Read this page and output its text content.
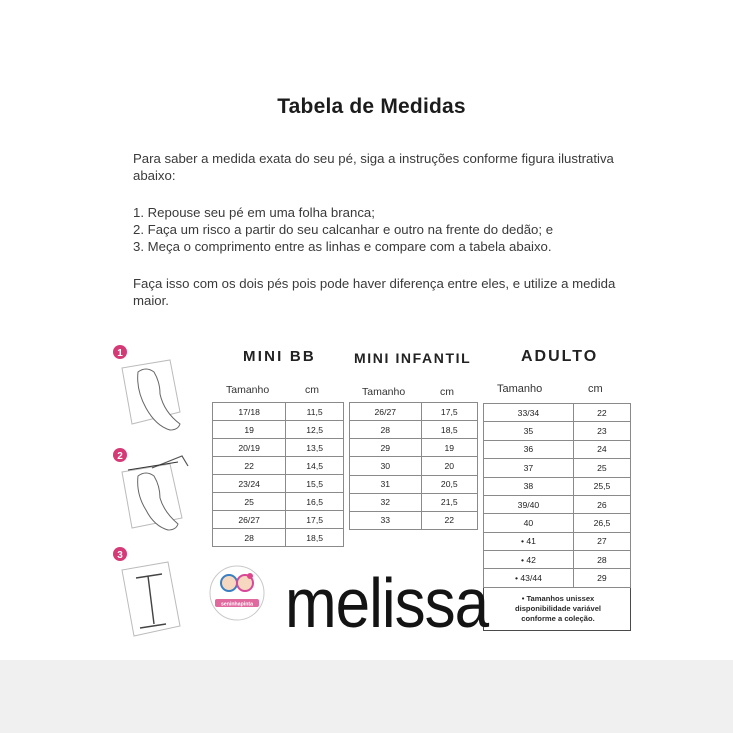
Tabela de Medidas
Para saber a medida exata do seu pé, siga a instruções conforme figura ilustrativa
abaixo:
1. Repouse seu pé em uma folha branca;
2. Faça um risco a partir do seu calcanhar e outro na frente do dedão; e
3. Meça o comprimento entre as linhas e compare com a tabela abaixo.
Faça isso com os dois pés pois pode haver diferença entre eles, e utilize a medida
maior.
1
2
3
MINI BB
Tamanho	cm
17/18	11,5
19	12,5
20/19	13,5
22	14,5
23/24	15,5
25	16,5
26/27	17,5
28	18,5
MINI INFANTIL
Tamanho	cm
26/27	17,5
28	18,5
29	19
30	20
31	20,5
32	21,5
33	22
ADULTO
Tamanho	cm
33/34	22
35	23
36	24
37	25
38	25,5
39/40	26
40	26,5
• 41	27
• 42	28
• 43/44	29

• Tamanhos unissex
disponibilidade variável
conforme a coleção.
seninhapinta melissa
